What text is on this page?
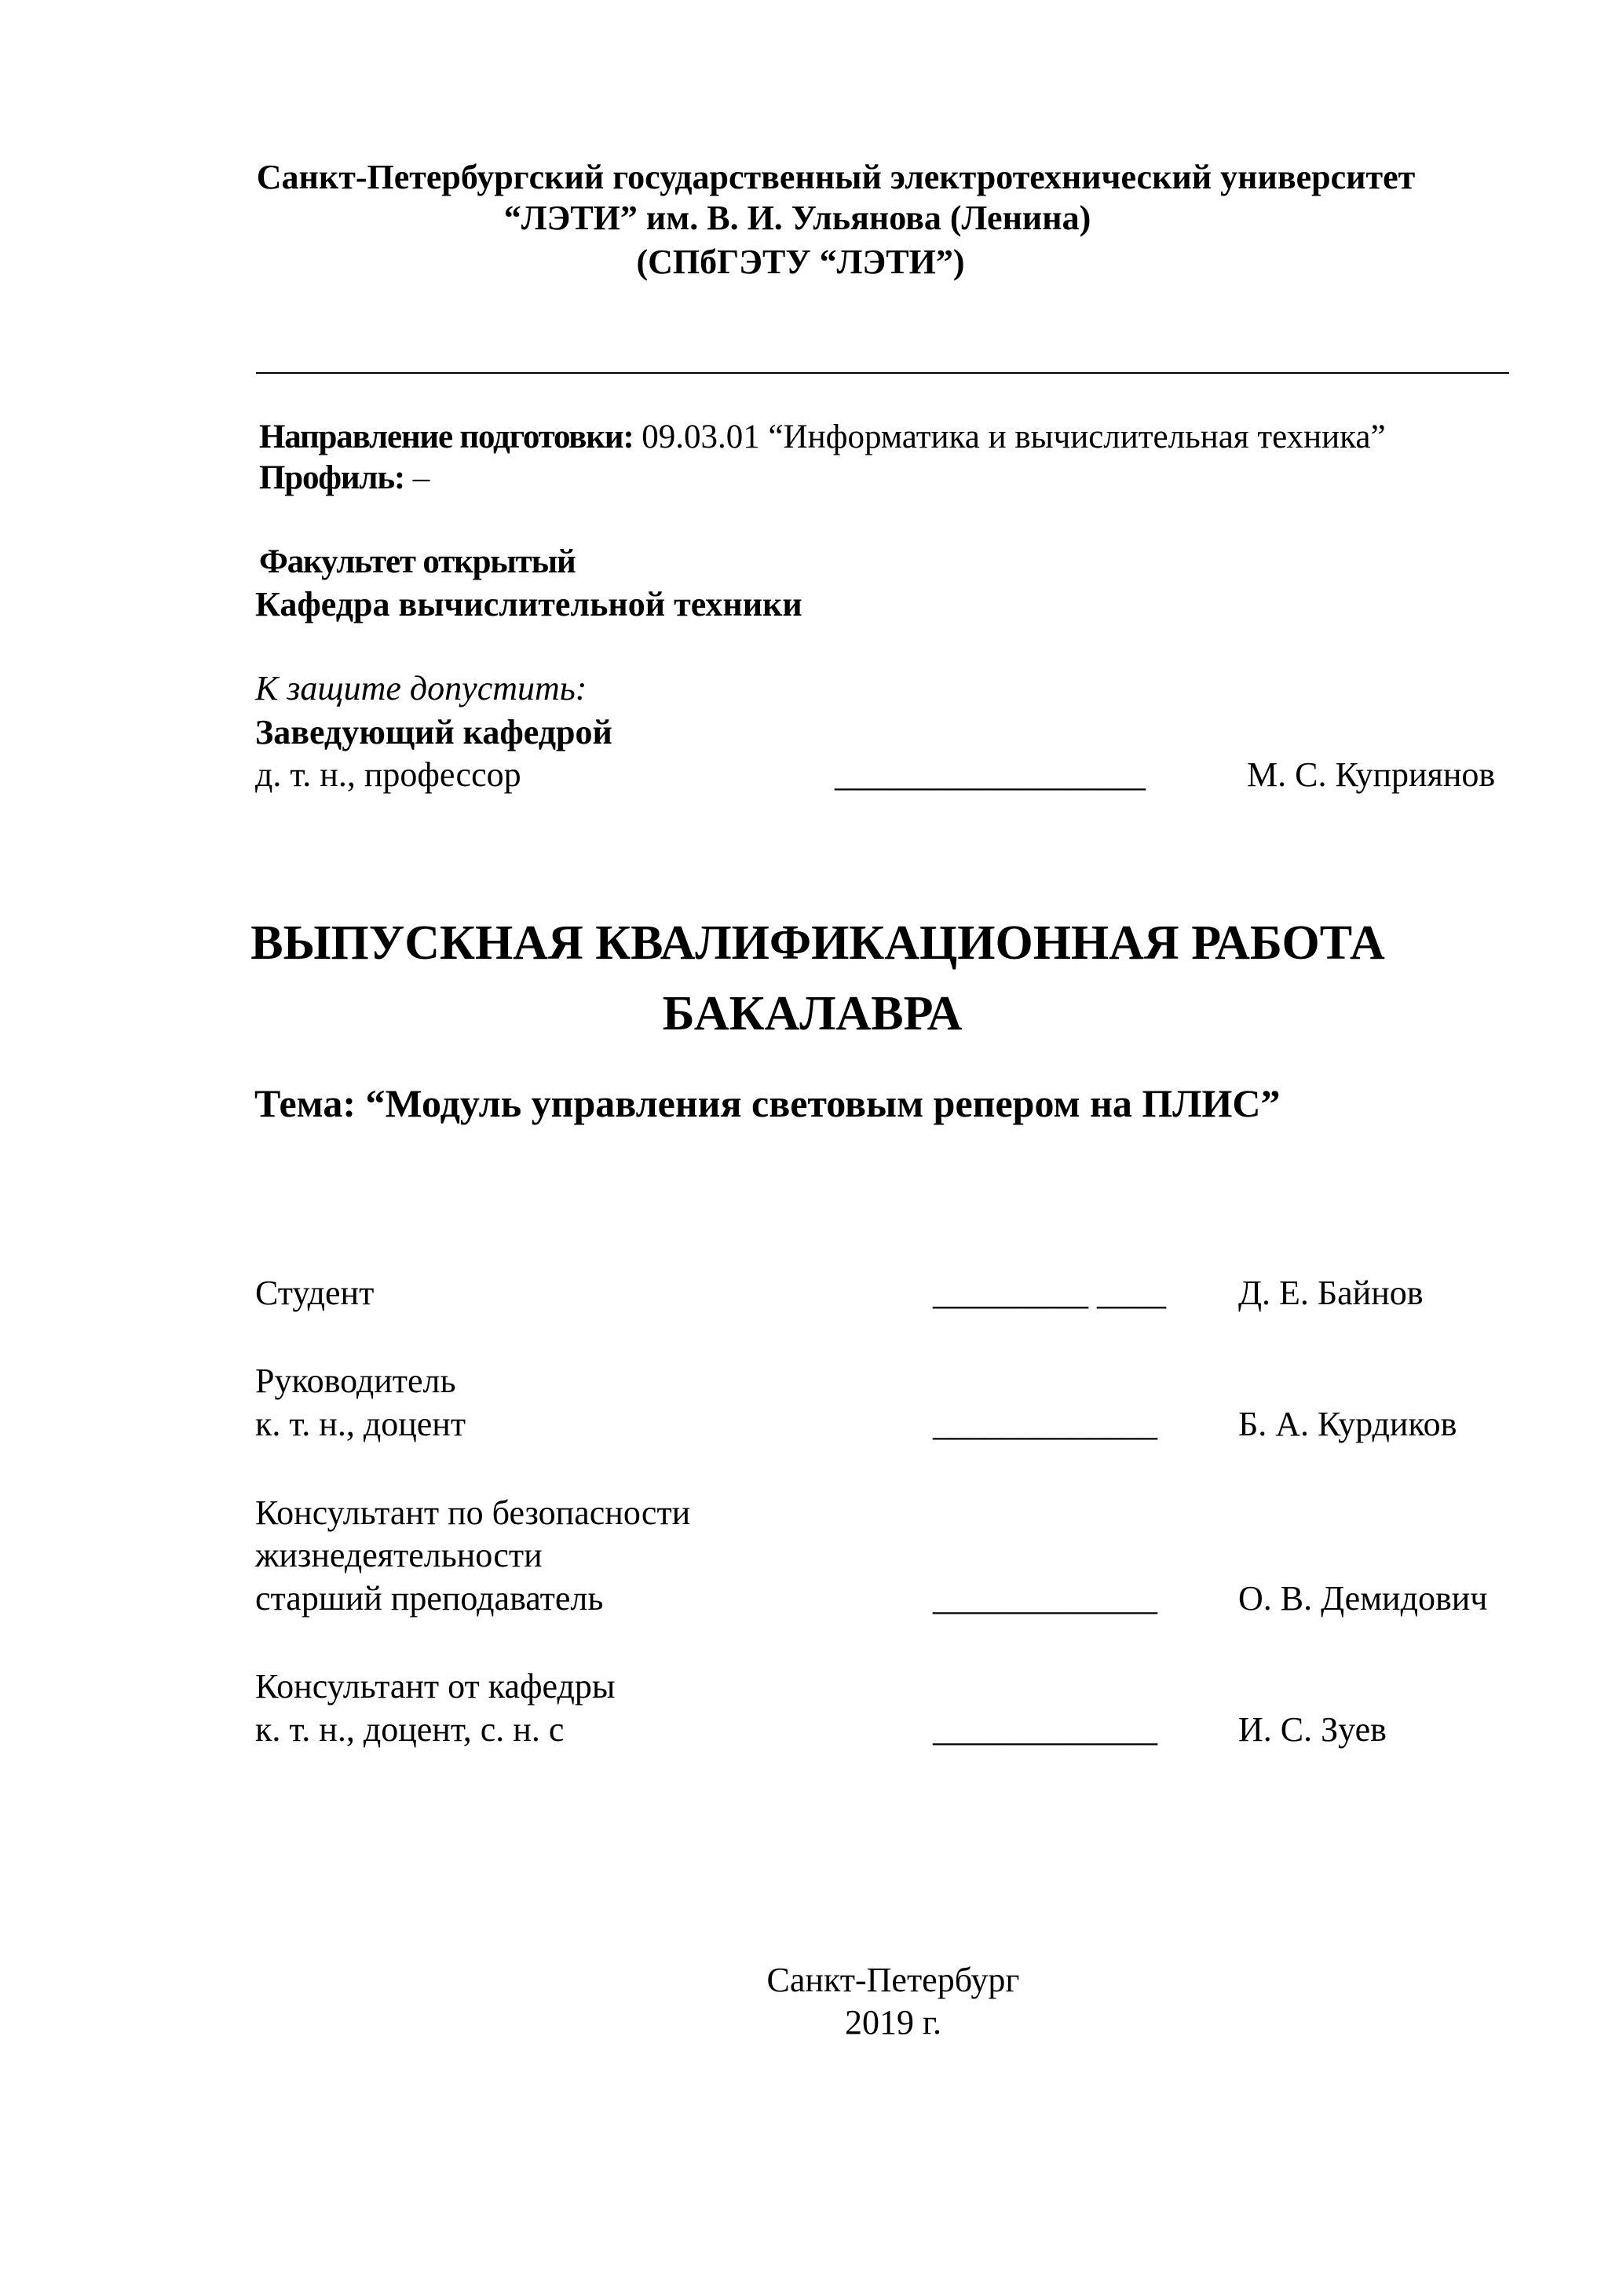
Санкт-Петербургский государственный электротехнический университет
“ЛЭТИ” им. В. И. Ульянова (Ленина)
(СПбГЭТУ “ЛЭТИ”)
Направление подготовки: 09.03.01 “Информатика и вычислительная техника”
Профиль: –
Факультет открытый
Кафедра вычислительной техники
К защите допустить:
Заведующий кафедрой
д. т. н., профессор	__________________	М. С. Куприянов
ВЫПУСКНАЯ КВАЛИФИКАЦИОННАЯ РАБОТА
БАКАЛАВРА
Тема: “Модуль управления световым репером на ПЛИС”
Студент	_________ ____ Д. Е. Байнов
Руководитель
к. т. н., доцент	_____________ Б. А. Курдиков
Консультант по безопасности
жизнедеятельности
старший преподаватель	_____________ О. В. Демидович
Консультант от кафедры
к. т. н., доцент, с. н. с	_____________ И. С. Зуев
Санкт-Петербург
2019 г.
